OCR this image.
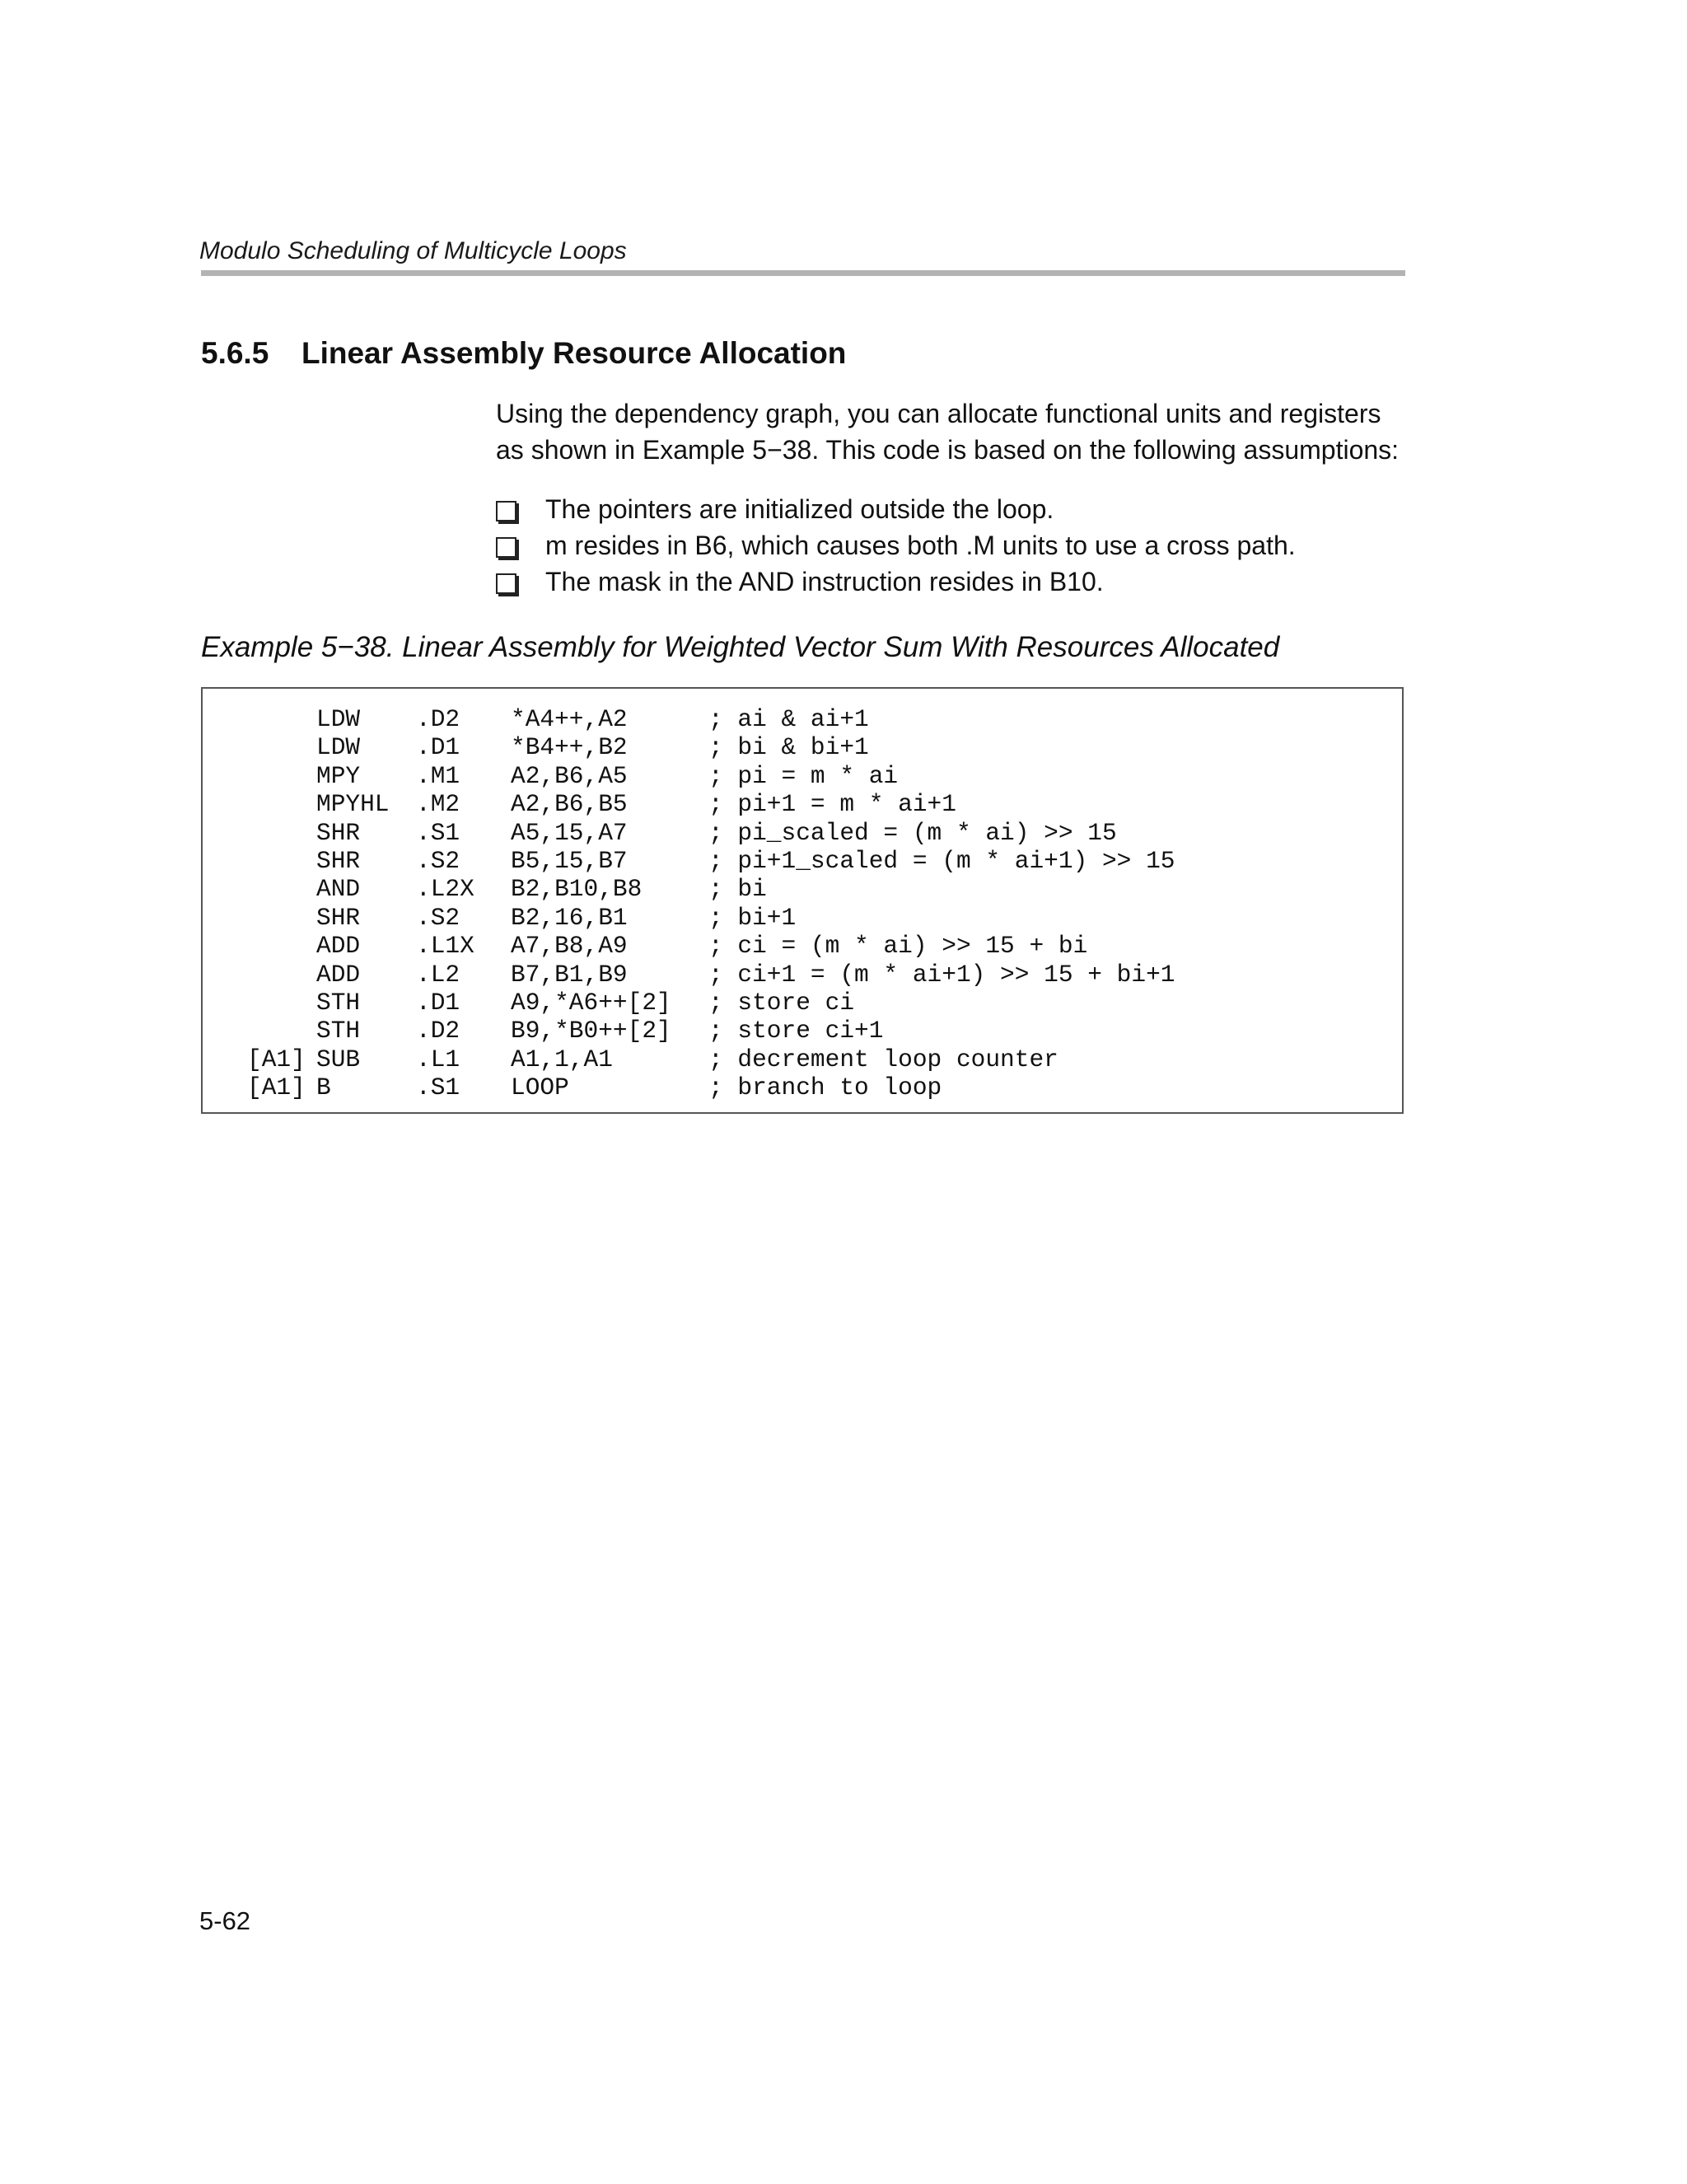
Modulo Scheduling of Multicycle Loops
5.6.5 Linear Assembly Resource Allocation

Using the dependency graph, you can allocate functional units and registers

as shown in Example 5−38. This code is based on the following assumptions:

The pointers are initialized outside the loop.
m resides in B6, which causes both .M units to use a cross path.
The mask in the AND instruction resides in B10.
Example 5−38. Linear Assembly for Weighted Vector Sum With Resources Allocated
LDW .D2 *A4++,A2	; ai & ai+1
LDW .D1 *B4++,B2	; bi & bi+1
MPY .M1 A2,B6,A5	; pi = m * ai
MPYHL .M2 A2,B6,B5	; pi+1 = m * ai+1
SHR .S1 A5,15,A7	; pi_scaled = (m * ai) >> 15
SHR .S2 B5,15,B7	; pi+1_scaled = (m * ai+1) >> 15
AND .L2X B2,B10,B8	; bi
SHR .S2 B2,16,B1	; bi+1
ADD .L1X A7,B8,A9	; ci = (m * ai) >> 15 + bi
ADD .L2 B7,B1,B9	; ci+1 = (m * ai+1) >> 15 + bi+1
STH .D1 A9,*A6++[2] ; store ci
STH .D2 B9,*B0++[2] ; store ci+1
[A1] SUB .L1 A1,1,A1	; decrement loop counter
[A1] B	.S1 LOOP	; branch to loop
5-62
